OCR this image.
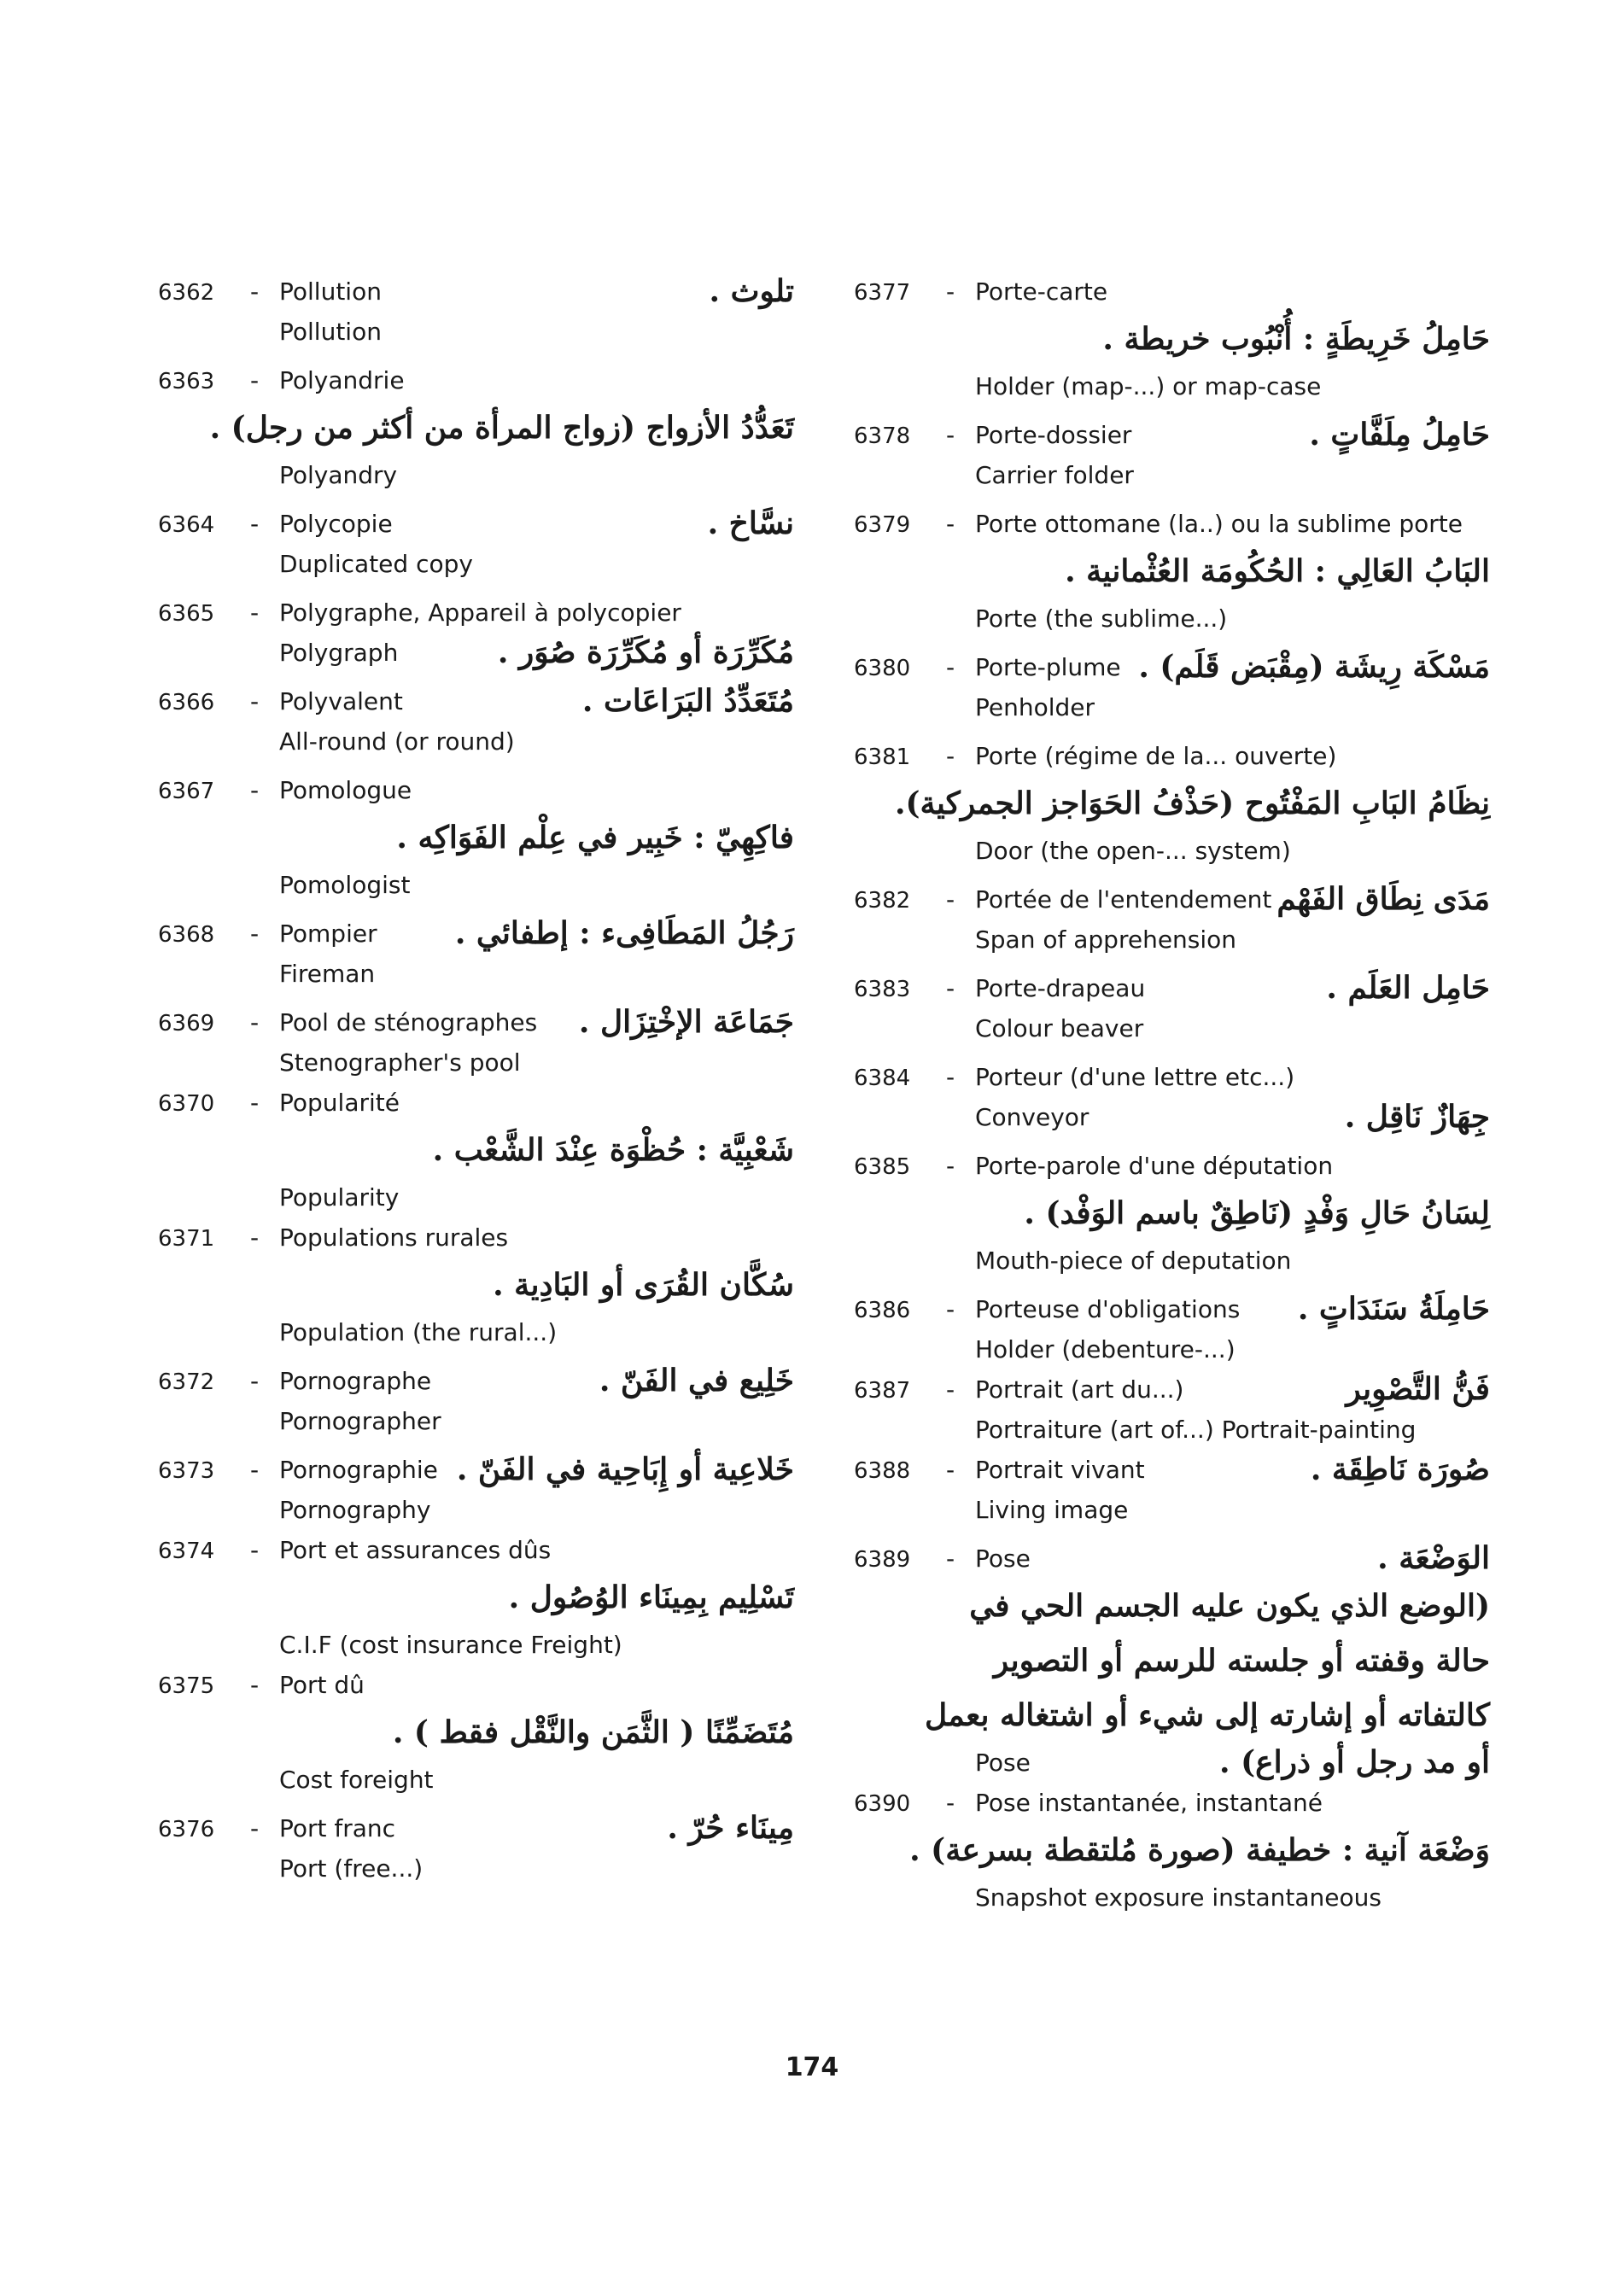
6362 - Pollution	تلوث .
Pollution
6363 - Polyandrie
تَعَدُّدُ الأزواج (زواج المرأة من أكثر من رجل) .
Polyandry
6364 - Polycopie	نسَّاخ .
Duplicated copy
6365 - Polygraphe, Appareil à polycopier
Polygraph	مُكَرِّرَة أو مُكَرِّرَة صُوَر .
6366 - Polyvalent	مُتَعَدِّدُ البَرَاعَات .
All-round (or round)
6367 - Pomologue
فاكِهِيّ : خَبِير في عِلْم الفَوَاكِه .
Pomologist
6368 - Pompier	رَجُلُ المَطَافِىء : إطفائي .
Fireman
6369 - Pool de sténographes جَمَاعَة الإخْتِزَال .
Stenographer's pool
6370 - Popularité
شَعْبِيَّة : حُظْوَة عِنْدَ الشَّعْب .
Popularity
6371 - Populations rurales
سُكَّان القُرَى أو البَادِية .
Population (the rural...)
6372 - Pornographe	خَلِيع في الفَنّ .
Pornographer
6373 - Pornographie خَلاعِية أو إِبَاحِية في الفَنّ .
Pornography
6374 - Port et assurances dûs
تَسْلِيم بِمِينَاء الوُصُول .
C.I.F (cost insurance Freight)
6375 - Port dû
مُتَضَمِّنًا ( الثَّمَن والنَّقْل فقط ) .
Cost foreight
6376 - Port franc	مِينَاء حُرّ .
Port (free...)
6377 - Porte-carte
حَامِلُ خَرِيطَةٍ : أُنْبُوب خريطة .
Holder (map-...) or map-case
6378 - Porte-dossier	حَامِلُ مِلَفَّاتٍ .
Carrier folder
6379 - Porte ottomane (la..) ou la sublime porte
البَابُ العَالِي : الحُكُومَة العُثْمانية .
Porte (the sublime...)
6380 - Porte-plume مَسْكَة رِيشَة (مِقْبَض قَلَم) .
Penholder
6381 - Porte (régime de la... ouverte)
نِظَامُ البَابِ المَفْتُوح (حَذْفُ الحَوَاجز الجمركية).
Door (the open-... system)
6382 - Portée de l'entendement مَدَى نِطَاق الفَهْم
Span of apprehension
6383 - Porte-drapeau	حَامِل العَلَم .
Colour beaver
6384 - Porteur (d'une lettre etc...)
Conveyor	جِهَازٌ نَاقِل .
6385 - Porte-parole d'une députation
لِسَانُ حَالِ وَفْدٍ (نَاطِقٌ باسم الوَفْد) .
Mouth-piece of deputation
6386 - Porteuse d'obligations حَامِلَةُ سَنَدَاتٍ .
Holder (debenture-...)
6387 - Portrait (art du...)	فَنُّ التَّصْوِير
Portraiture (art of...) Portrait-painting
6388 - Portrait vivant	صُورَة نَاطِقَة .
Living image
6389 - Pose	الوَضْعَة .
(الوضع الذي يكون عليه الجسم الحي في
حالة وقفته أو جلسته للرسم أو التصوير
كالتفاته أو إشارته إلى شيء أو اشتغاله بعمل
Pose	أو مد رجل أو ذراع) .
6390 - Pose instantanée, instantané
وَضْعَة آنية : خطيفة (صورة مُلتقطة بسرعة) .
Snapshot exposure instantaneous
174
